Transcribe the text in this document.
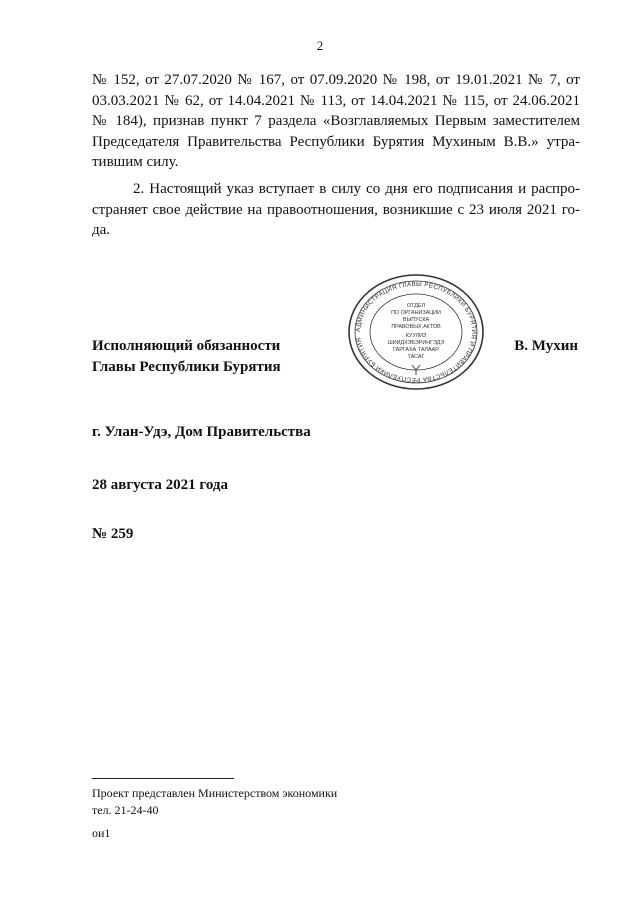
2
№ 152, от 27.07.2020 № 167, от 07.09.2020 № 198, от 19.01.2021 № 7, от
03.03.2021 № 62, от 14.04.2021 № 113, от 14.04.2021 № 115, от 24.06.2021
№ 184), признав пункт 7 раздела «Возглавляемых Первым заместителем
Председателя Правительства Республики Бурятия Мухиным В.В.» утра-
тившим силу.
2. Настоящий указ вступает в силу со дня его подписания и распро-
страняет свое действие на правоотношения, возникшие с 23 июля 2021 го-
да.
АДМИНИСТРАЦИЯ ГЛАВЫ РЕСПУБЛИКИ БУРЯТИЯ И ПРАВИТЕЛЬСТВА РЕСПУБЛИКИ БУРЯТИЯ
ОТДЕЛ
ПО ОРГАНИЗАЦИИ
ВЫПУСКА
ПРАВОВЫХ АКТОВ
КУУЛИЗ
ШИИДХЭБЭРИНГЭДЭ
ГАРГАХА ТАЛААР
ТАСАГ
Исполняющий обязанности
Главы Республики Бурятия
В. Мухин
г. Улан-Удэ, Дом Правительства
28 августа 2021 года
№ 259
Проект представлен Министерством экономики
тел. 21-24-40
ои1
